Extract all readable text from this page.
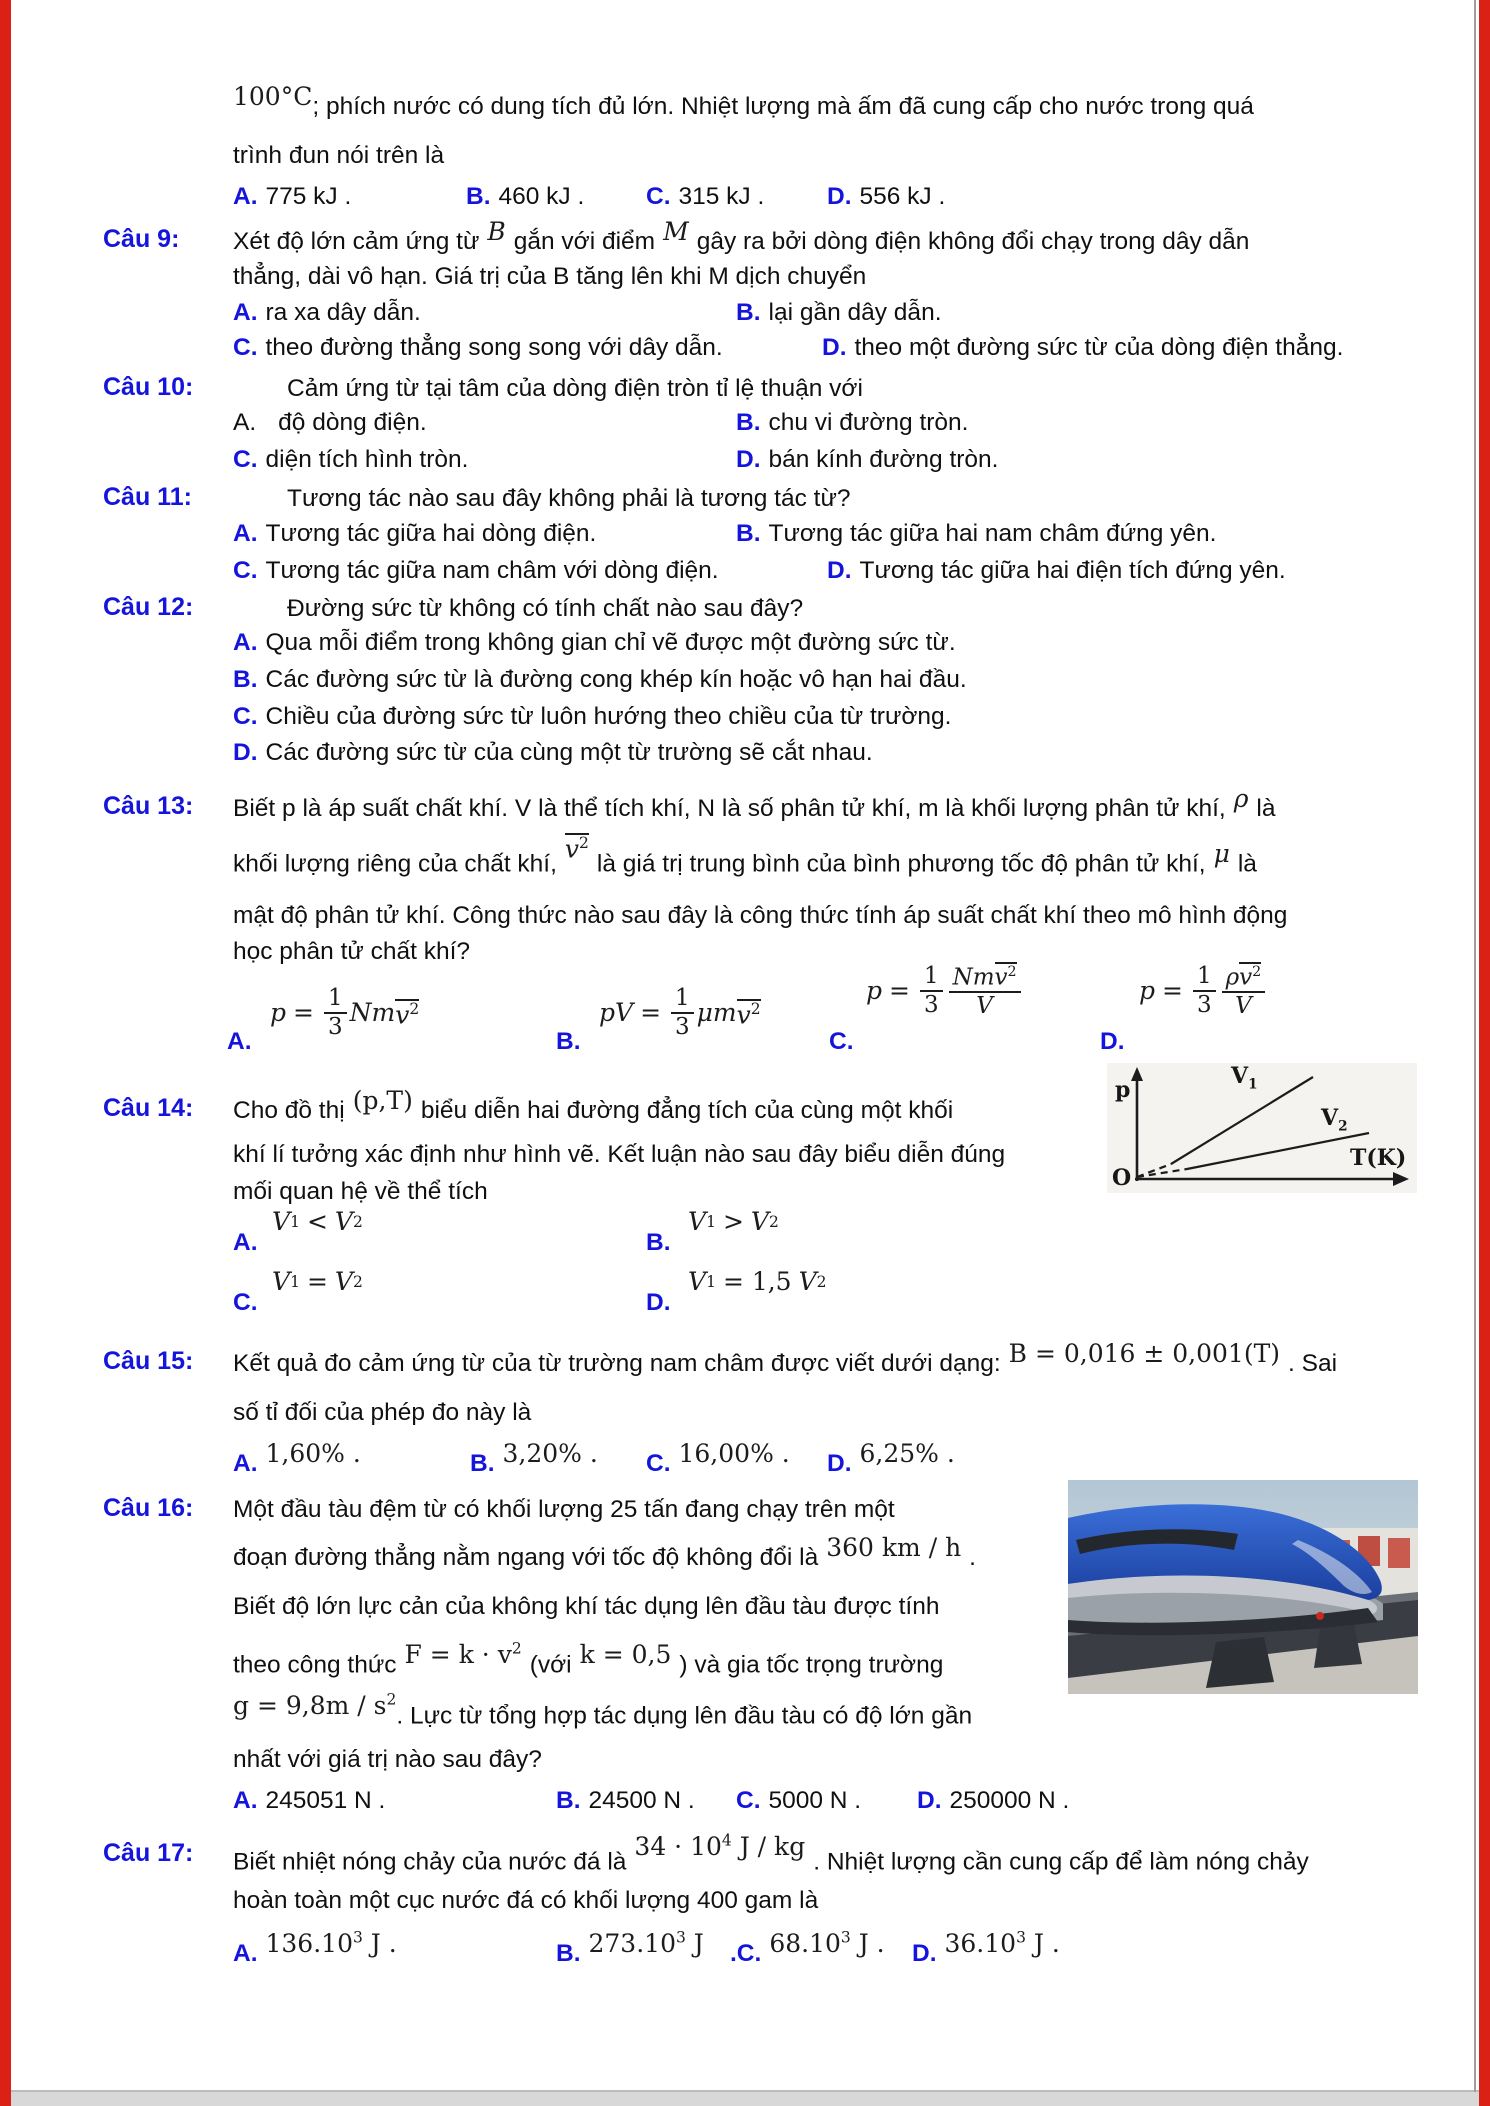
100°C; phích nước có dung tích đủ lớn. Nhiệt lượng mà ấm đã cung cấp cho nước trong quá
trình đun nói trên là
A. 775 kJ .	B. 460 kJ .	C. 315 kJ .	D. 556 kJ .
Câu 9: Xét độ lớn cảm ứng từ B gắn với điểm M gây ra bởi dòng điện không đổi chạy trong dây dẫn
thẳng, dài vô hạn. Giá trị của B tăng lên khi M dịch chuyển
A. ra xa dây dẫn.	B. lại gần dây dẫn.
C. theo đường thẳng song song với dây dẫn.	D. theo một đường sức từ của dòng điện thẳng.
Câu 10:	Cảm ứng từ tại tâm của dòng điện tròn tỉ lệ thuận với
A. độ dòng điện.	B. chu vi đường tròn.
C. diện tích hình tròn.	D. bán kính đường tròn.
Câu 11:	Tương tác nào sau đây không phải là tương tác từ?
A. Tương tác giữa hai dòng điện.	B. Tương tác giữa hai nam châm đứng yên.
C. Tương tác giữa nam châm với dòng điện.	D. Tương tác giữa hai điện tích đứng yên.
Câu 12:	Đường sức từ không có tính chất nào sau đây?
A. Qua mỗi điểm trong không gian chỉ vẽ được một đường sức từ.
B. Các đường sức từ là đường cong khép kín hoặc vô hạn hai đầu.
C. Chiều của đường sức từ luôn hướng theo chiều của từ trường.
D. Các đường sức từ của cùng một từ trường sẽ cắt nhau.
Câu 13: Biết p là áp suất chất khí. V là thể tích khí, N là số phân tử khí, m là khối lượng phân tử khí, ρ là
khối lượng riêng của chất $khí,v^2là$ giá trị trung bình của bình phương tốc độ phân tử khí, μ là
mật độ phân tử khí. Công thức nào sau đây là công thức tính áp suất chất khí theo mô hình động
học phân tử chất khí?
A.
$p = \frac{1}{3}$ Nm $v^2$
B.
pV = $\frac{1}{3}$ μm $v^2$
C.
$p = \frac{1}{3} \frac{Nmv^2}{V}$
D.
$p = \frac{1}{3} \frac{\rho v^2}{V}$
Câu 14: Cho đồ thị (p,T) biểu diễn hai đường đẳng tích của cùng một khối
khí lí tưởng xác định như hình vẽ. Kết luận nào sau đây biểu diễn đúng
mối quan hệ về thể tích
A.
V 1 < V 2
B.
V 1 > V 2
C.
V 1 = V 2
D.
V 1 = 1,5 V 2
p
T(K)
O
$V_1$
$V_2$
Câu 15: Kết quả đo cảm ứng từ của từ trường nam châm được viết dưới dạng: B = 0,016 ± 0,001(T) . Sai
số tỉ đối của phép đo này là
A. 1,60% .	B. 3,20% . C. 16,00% . D. 6,25% .
Câu 16: Một đầu tàu đệm từ có khối lượng 25 tấn đang chạy trên một
đoạn đường thẳng nằm ngang với tốc độ không đổi là 360 km / h .
Biết độ lớn lực cản của không khí tác dụng lên đầu tàu được tính
theo công thức $F = k \cdot v^2(với$ k = 0,5 ) và gia tốc trọng trường
$g = 9,8m / s^2$. Lực từ tổng hợp tác dụng lên đầu tàu có độ lớn gần
nhất với giá trị nào sau đây?
A. 245051 N .	B. 24500 N . C. 5000 N . D. 250000 N .
Câu 17: Biết nhiệt nóng chảy của nước đá là34 · $10^4$ J / kg. Nhiệt lượng cần cung cấp để làm nóng chảy
hoàn toàn một cục nước đá có khối lượng 400 gam là
A. 136.10$^3$ J .	B. 273.10$^3$ J .C. 68.10$^3$ J . D. 36.10$^3$ J .
